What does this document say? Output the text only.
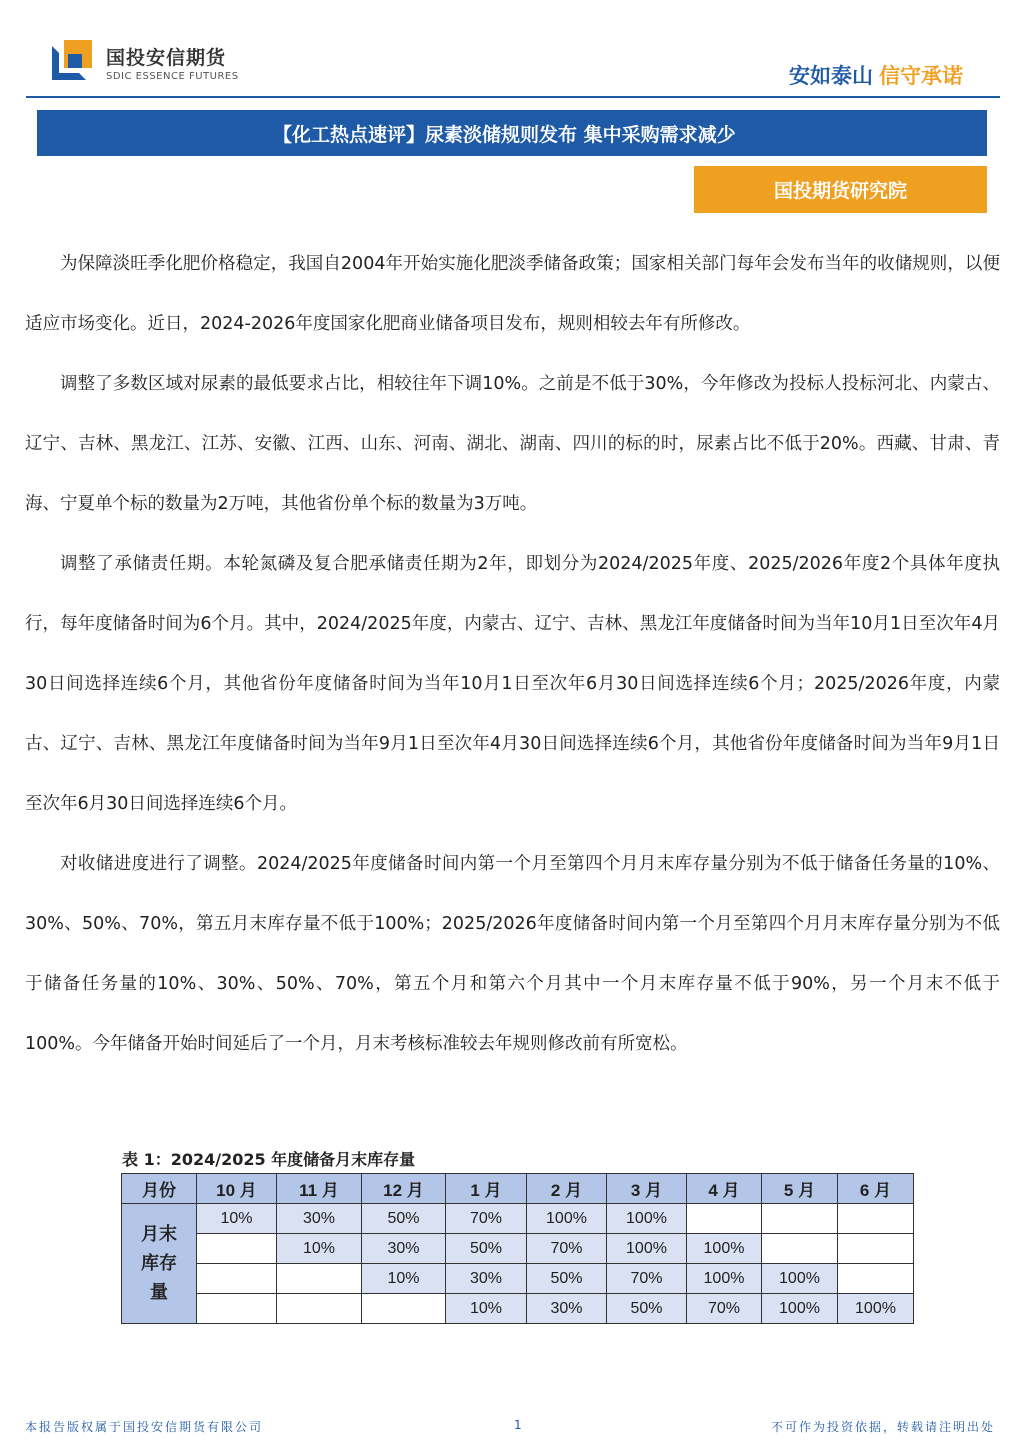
国投安信期货
SDIC ESSENCE FUTURES	安如泰山 信守承诺
【化工热点速评】尿素淡储规则发布 集中采购需求减少
国投期货研究院

为保障淡旺季化肥价格稳定，我国自2004年开始实施化肥淡季储备政策；国家相关部门每年会发布当年的收储规则，以便适应市场变化。近日，2024-2026年度国家化肥商业储备项目发布，规则相较去年有所修改。

调整了多数区域对尿素的最低要求占比，相较往年下调10%。之前是不低于30%，今年修改为投标人投标河北、内蒙古、辽宁、吉林、黑龙江、江苏、安徽、江西、山东、河南、湖北、湖南、四川的标的时，尿素占比不低于20%。西藏、甘肃、青海、宁夏单个标的数量为2万吨，其他省份单个标的数量为3万吨。

调整了承储责任期。本轮氮磷及复合肥承储责任期为2年，即划分为2024/2025年度、2025/2026年度2个具体年度执行，每年度储备时间为6个月。其中，2024/2025年度，内蒙古、辽宁、吉林、黑龙江年度储备时间为当年10月1日至次年4月30日间选择连续6个月，其他省份年度储备时间为当年10月1日至次年6月30日间选择连续6个月；2025/2026年度，内蒙古、辽宁、吉林、黑龙江年度储备时间为当年9月1日至次年4月30日间选择连续6个月，其他省份年度储备时间为当年9月1日至次年6月30日间选择连续6个月。

对收储进度进行了调整。2024/2025年度储备时间内第一个月至第四个月月末库存量分别为不低于储备任务量的10%、30%、50%、70%，第五月末库存量不低于100%；2025/2026年度储备时间内第一个月至第四个月月末库存量分别为不低于储备任务量的10%、30%、50%、70%，第五个月和第六个月其中一个月末库存量不低于90%，另一个月末不低于100%。今年储备开始时间延后了一个月，月末考核标准较去年规则修改前有所宽松。

表 1：2024/2025 年度储备月末库存量
月份	10 月	11 月	12 月	1 月	2 月	3 月	4 月	5 月	6 月

月末库存量	10%	30%	50%	70%	100%	100%			
		10%	30%	50%	70%	100%	100%		
			10%	30%	50%	70%	100%	100%	
				10%	30%	50%	70%	100%	100%
本报告版权属于国投安信期货有限公司	1	不可作为投资依据，转载请注明出处
